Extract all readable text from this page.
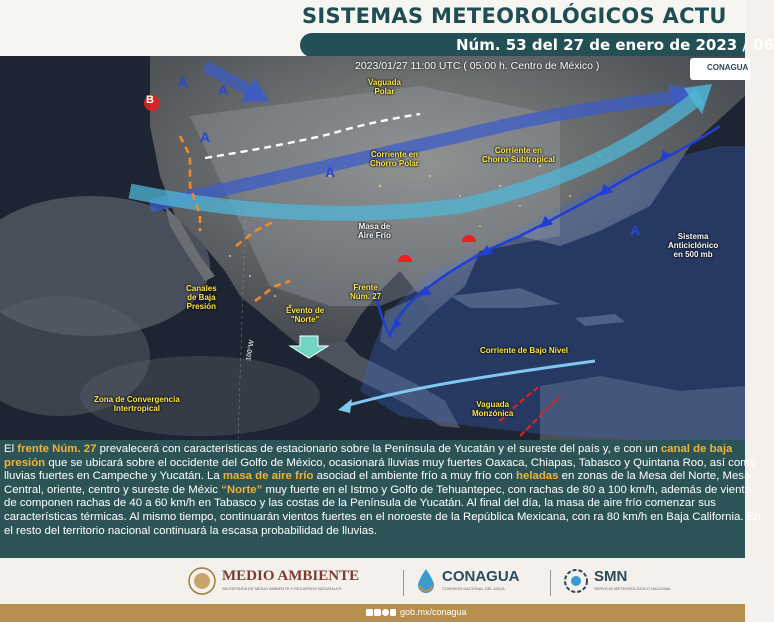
SISTEMAS METEOROLÓGICOS ACTU
Núm. 53 del 27 de enero de 2023 / 06
2023/01/27 11:00 UTC ( 05:00 h. Centro de México )	CONAGUA
B
A A
A
A
A
Vaguada
Polar
Corriente en
Chorro Polar
Corriente en
Chorro Subtropical
Masa de
Aire Frío	Sistema
Anticiclónico
en 500 mb
Canales
de Baja
Presión
Frente
Núm. 27
Evento de
"Norte"
Corriente de Bajo Nivel
Zona de Convergencia
Intertropical	Vaguada
Monzónica
100°W

El frente Núm. 27 prevalecerá con características de estacionario sobre la Península de Yucatán y el sureste del país y, e con un canal de baja presión que se ubicará sobre el occidente del Golfo de México, ocasionará lluvias muy fuertes Oaxaca, Chiapas, Tabasco y Quintana Roo, así como lluvias fuertes en Campeche y Yucatán. La masa de aire frío asociad el ambiente frío a muy frío con heladas en zonas de la Mesa del Norte, Mesa Central, oriente, centro y sureste de Méxic “Norte” muy fuerte en el Istmo y Golfo de Tehuantepec, con rachas de 80 a 100 km/h, además de viento de componen rachas de 40 a 60 km/h en Tabasco y las costas de la Península de Yucatán. Al final del día, la masa de aire frío comenzar sus características térmicas. Al mismo tiempo, continuarán vientos fuertes en el noroeste de la República Mexicana, con ra 80 km/h en Baja California. En el resto del territorio nacional continuará la escasa probabilidad de lluvias.

MEDIO AMBIENTE
SECRETARÍA DE MEDIO AMBIENTE Y RECURSOS NATURALES
CONAGUA
COMISIÓN NACIONAL DEL AGUA
SMN
SERVICIO METEOROLÓGICO NACIONAL
gob.mx/conagua
